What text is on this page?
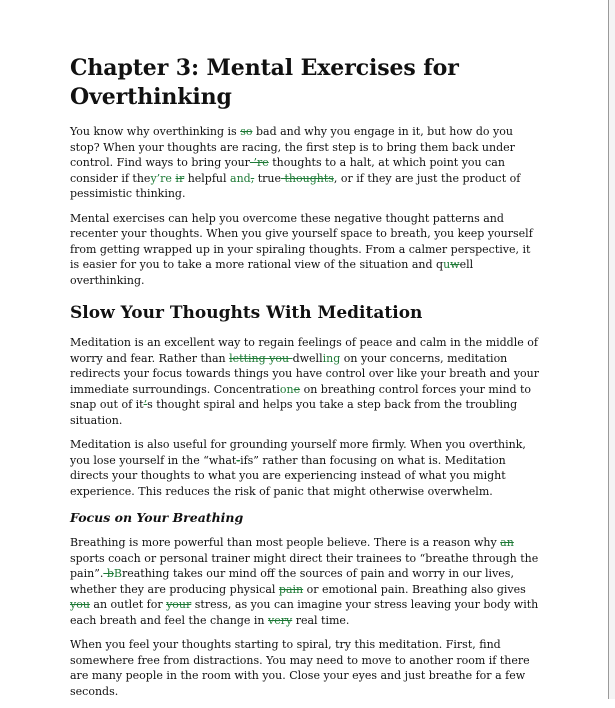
Chapter 3: Mental Exercises for Overthinking

You know why overthinking is so bad and why you engage in it, but how do you stop? When your thoughts are racing, the first step is to bring them back under control. Find ways to bring your ’re thoughts to a halt, at which point you can consider if they’re ir helpful and, true thoughts, or if they are just the product of pessimistic thinking.

Mental exercises can help you overcome these negative thought patterns and recenter your thoughts. When you give yourself space to breath, you keep yourself from getting wrapped up in your spiraling thoughts. From a calmer perspective, it is easier for you to take a more rational view of the situation and quwell overthinking.

Slow Your Thoughts With Meditation

Meditation is an excellent way to regain feelings of peace and calm in the middle of worry and fear. Rather than letting you dwelling on your concerns, meditation redirects your focus towards things you have control over like your breath and your immediate surroundings. Concentratione on breathing control forces your mind to snap out of it’s thought spiral and helps you take a step back from the troubling situation.

Meditation is also useful for grounding yourself more firmly. When you overthink, you lose yourself in the “what-ifs” rather than focusing on what is. Meditation directs your thoughts to what you are experiencing instead of what you might experience. This reduces the risk of panic that might otherwise overwhelm.

Focus on Your Breathing

Breathing is more powerful than most people believe. There is a reason why an sports coach or personal trainer might direct their trainees to “breathe through the pain”. bBreathing takes our mind off the sources of pain and worry in our lives, whether they are producing physical pain or emotional pain. Breathing also gives you an outlet for your stress, as you can imagine your stress leaving your body with each breath and feel the change in very real time.

When you feel your thoughts starting to spiral, try this meditation. First, find somewhere free from distractions. You may need to move to another room if there are many people in the room with you. Close your eyes and just breathe for a few seconds.
